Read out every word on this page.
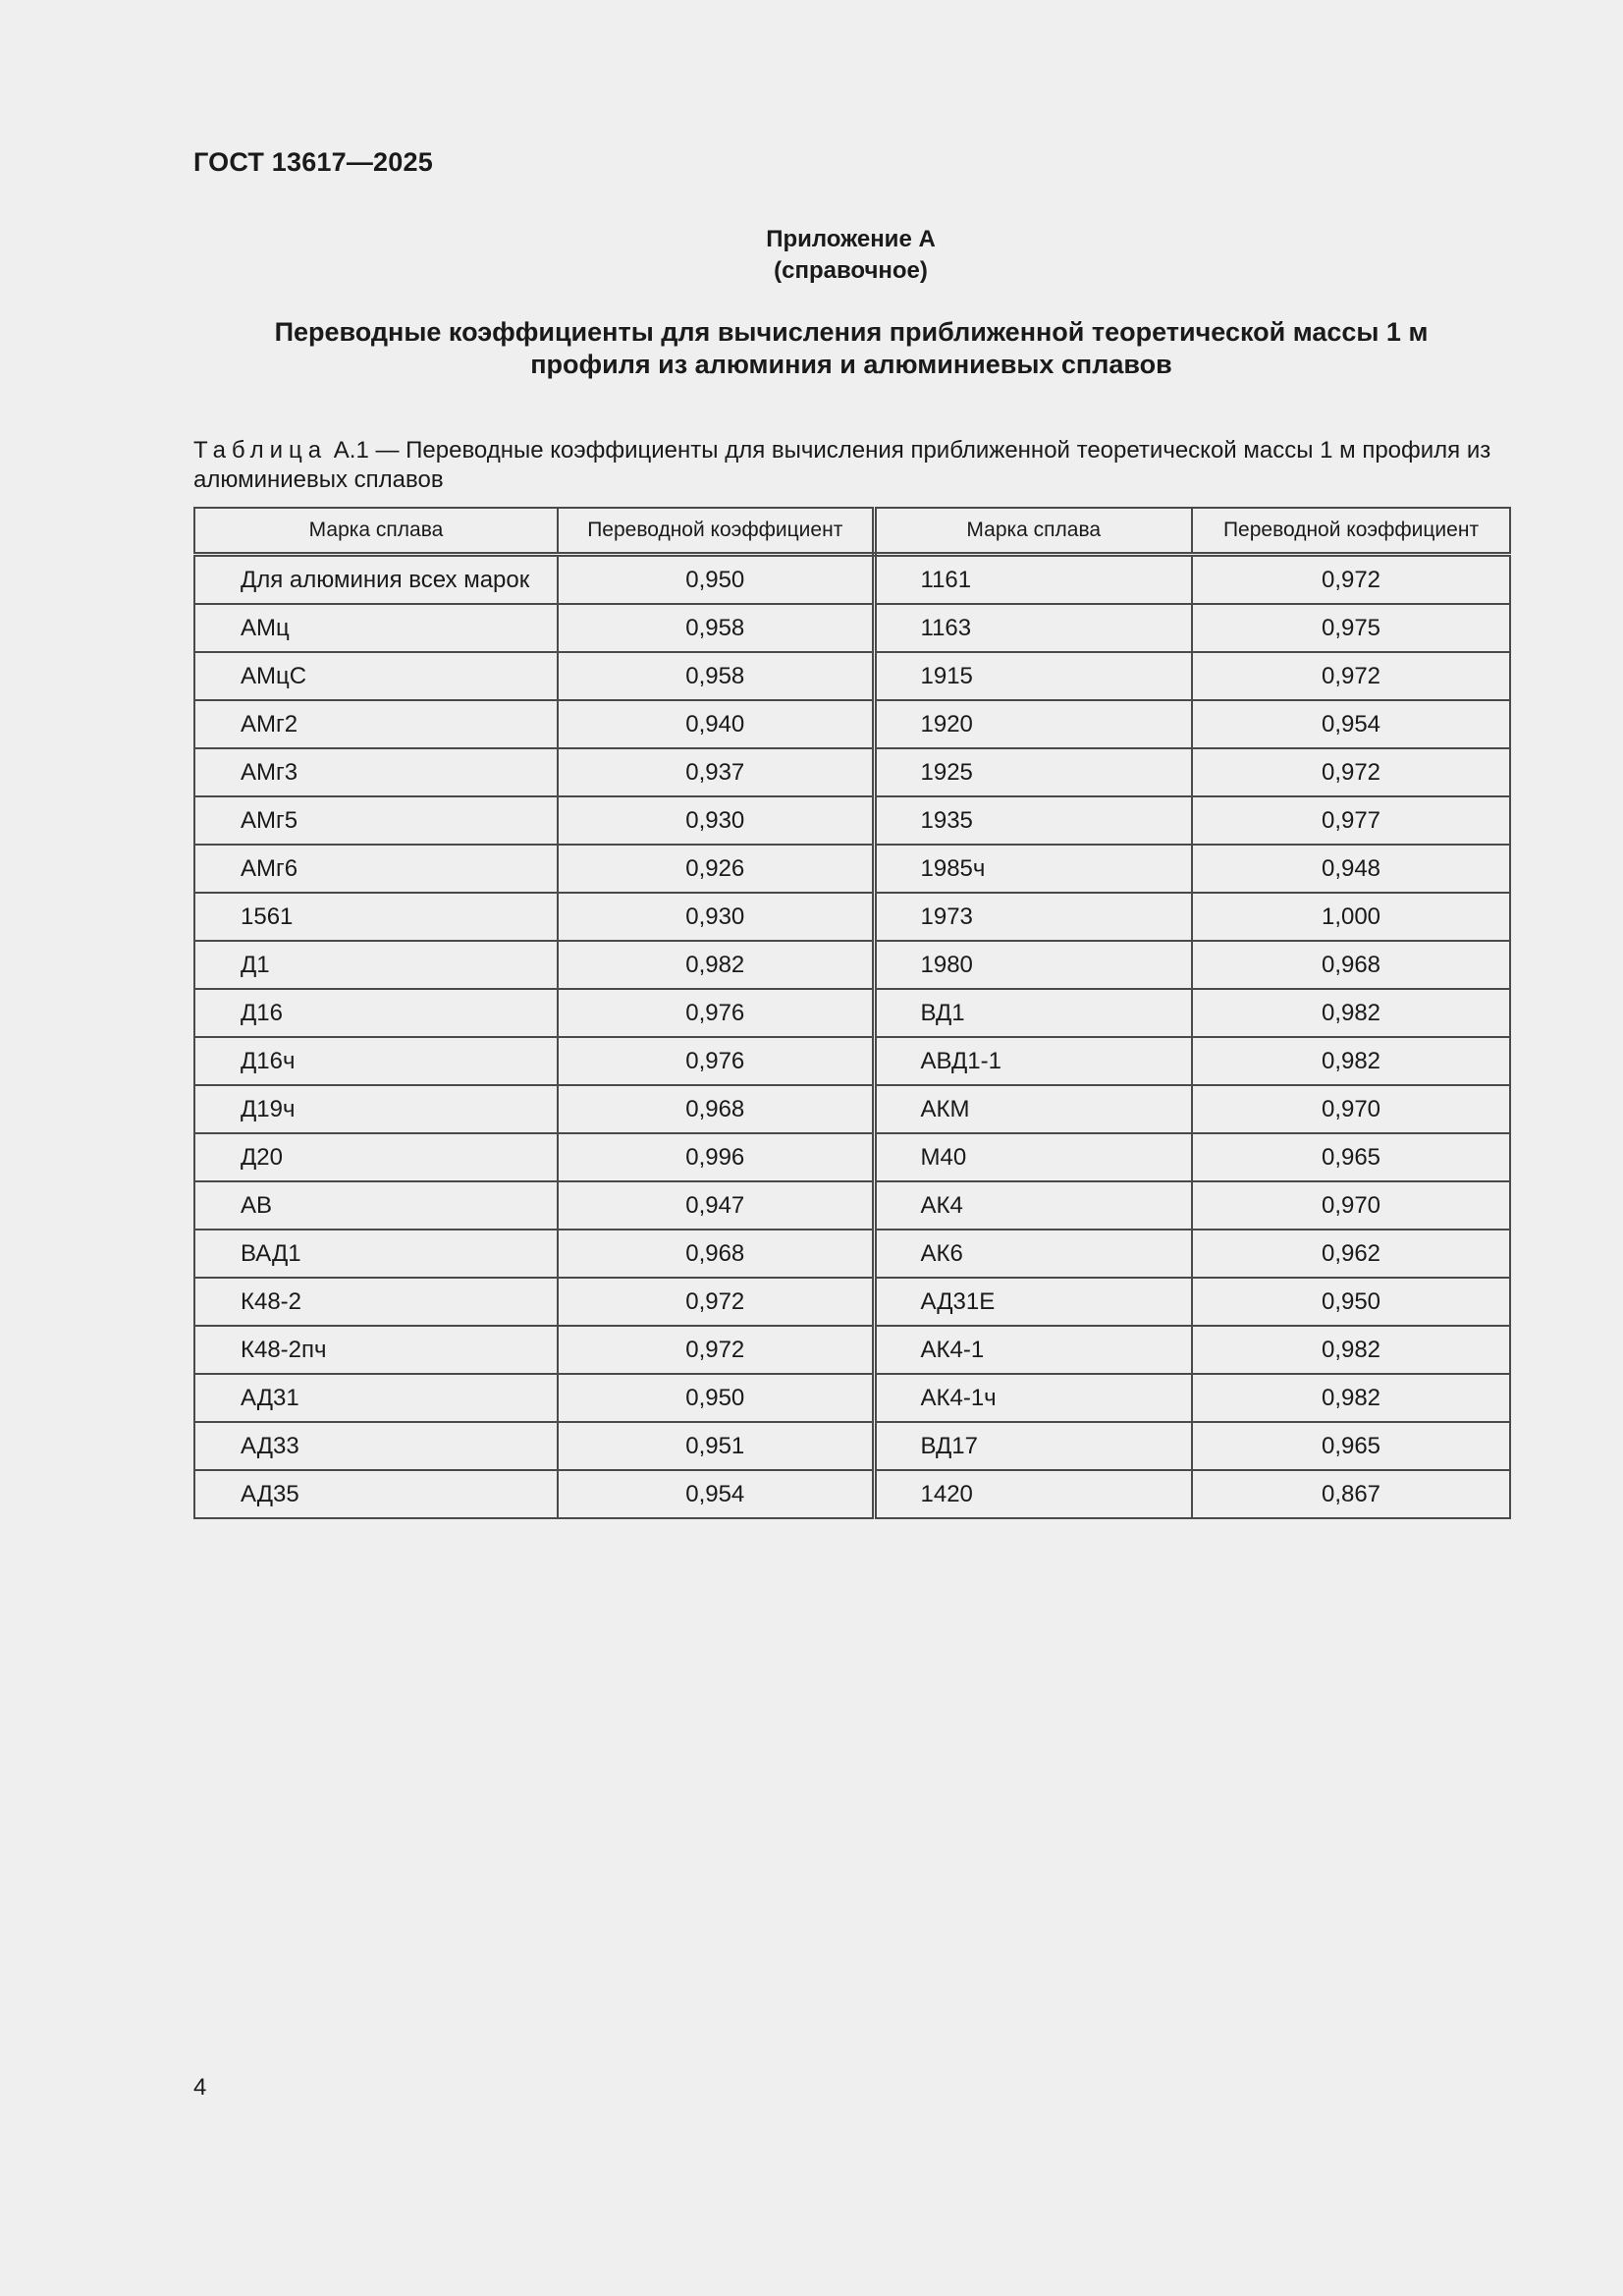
ГОСТ 13617—2025
Приложение А
(справочное)
Переводные коэффициенты для вычисления приближенной теоретической массы 1 м
профиля из алюминия и алюминиевых сплавов
Таблица А.1 — Переводные коэффициенты для вычисления приближенной теоретической массы 1 м профиля из алюминиевых сплавов
Марка сплава	Переводной коэффициент	Марка сплава	Переводной коэффициент
Для алюминия всех марок	0,950	1161	0,972
АМц	0,958	1163	0,975
АМцС	0,958	1915	0,972
АМг2	0,940	1920	0,954
АМг3	0,937	1925	0,972
АМг5	0,930	1935	0,977
АМг6	0,926	1985ч	0,948
1561	0,930	1973	1,000
Д1	0,982	1980	0,968
Д16	0,976	ВД1	0,982
Д16ч	0,976	АВД1-1	0,982
Д19ч	0,968	АКМ	0,970
Д20	0,996	М40	0,965
АВ	0,947	АК4	0,970
ВАД1	0,968	АК6	0,962
К48-2	0,972	АД31Е	0,950
К48-2пч	0,972	АК4-1	0,982
АД31	0,950	АК4-1ч	0,982
АД33	0,951	ВД17	0,965
АД35	0,954	1420	0,867
4
